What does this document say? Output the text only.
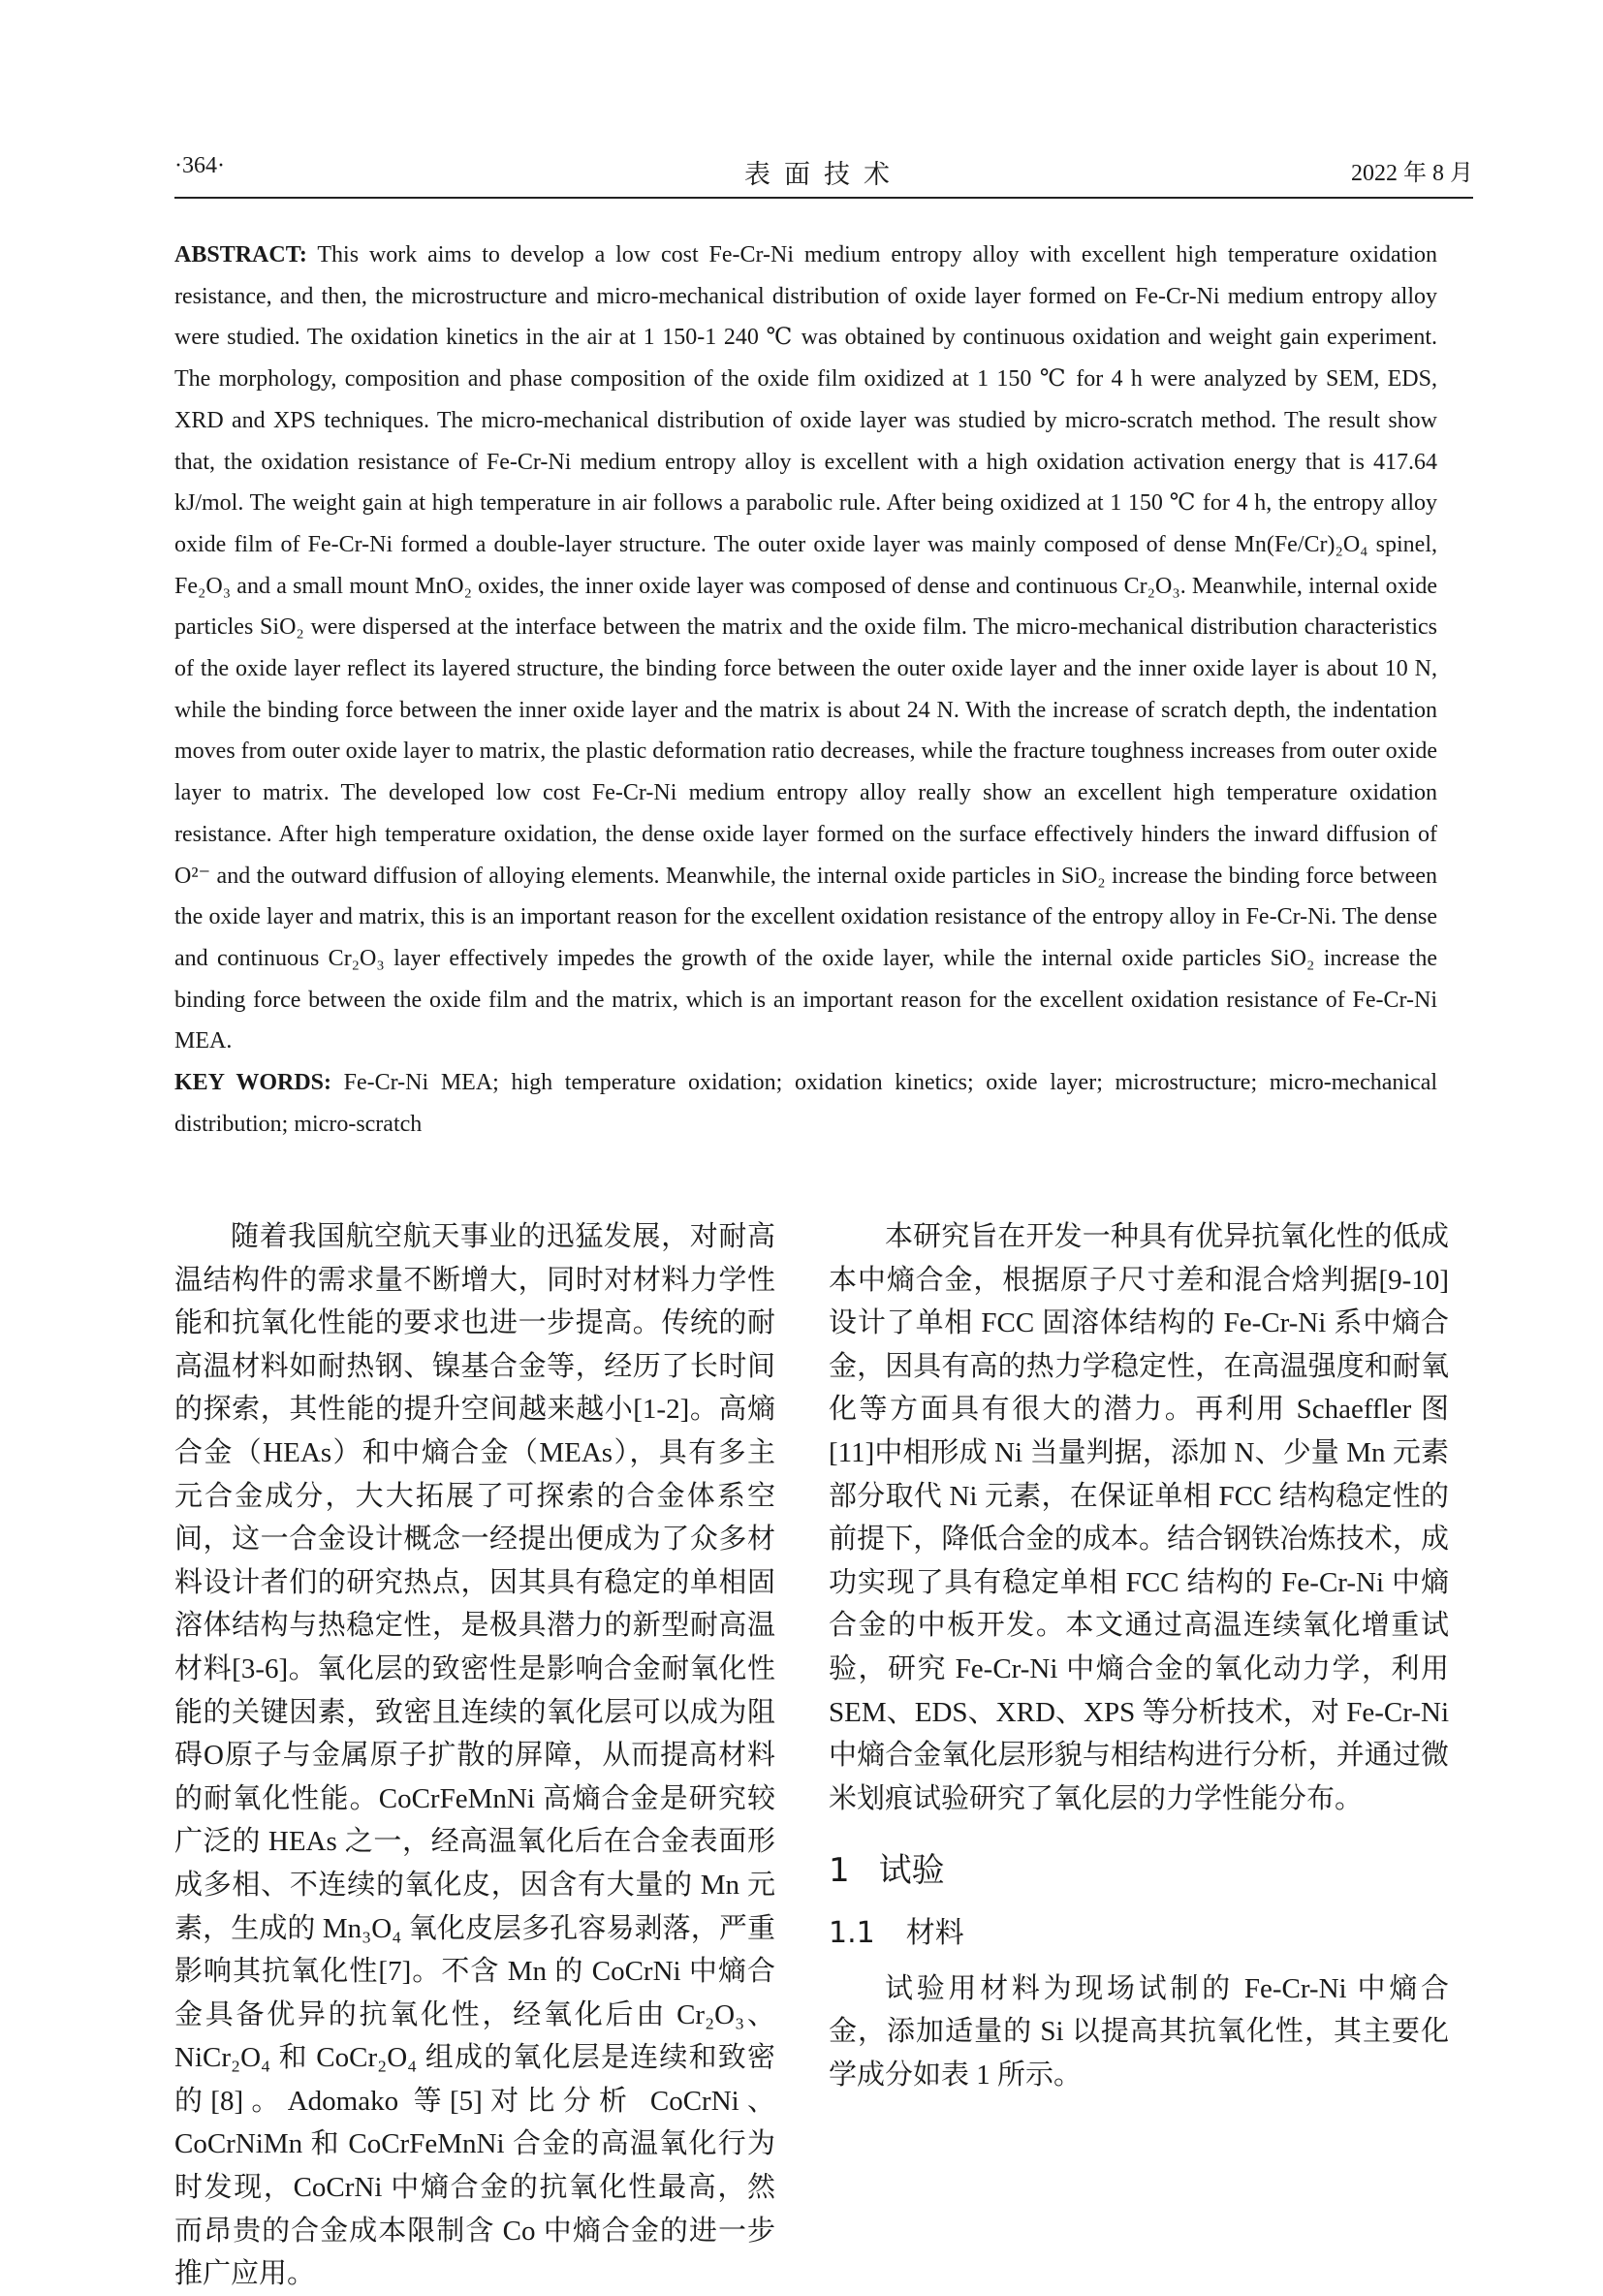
·364·	表面技术	2022 年 8 月

ABSTRACT: This work aims to develop a low cost Fe-Cr-Ni medium entropy alloy with excellent high temperature oxidation resistance, and then, the microstructure and micro-mechanical distribution of oxide layer formed on Fe-Cr-Ni medium entropy alloy were studied. The oxidation kinetics in the air at 1 150-1 240 ℃ was obtained by continuous oxidation and weight gain experiment. The morphology, composition and phase composition of the oxide film oxidized at 1 150 ℃ for 4 h were analyzed by SEM, EDS, XRD and XPS techniques. The micro-mechanical distribution of oxide layer was studied by micro-scratch method. The result show that, the oxidation resistance of Fe-Cr-Ni medium entropy alloy is excellent with a high oxidation activation energy that is 417.64 kJ/mol. The weight gain at high temperature in air follows a parabolic rule. After being oxidized at 1 150 ℃ for 4 h, the entropy alloy oxide film of Fe-Cr-Ni formed a double-layer structure. The outer oxide layer was mainly composed of dense Mn(Fe/Cr)₂O₄ spinel, Fe₂O₃ and a small mount MnO₂ oxides, the inner oxide layer was composed of dense and continuous Cr₂O₃. Meanwhile, internal oxide particles SiO₂ were dispersed at the interface between the matrix and the oxide film. The micro-mechanical distribution characteristics of the oxide layer reflect its layered structure, the binding force between the outer oxide layer and the inner oxide layer is about 10 N, while the binding force between the inner oxide layer and the matrix is about 24 N. With the increase of scratch depth, the indentation moves from outer oxide layer to matrix, the plastic deformation ratio decreases, while the fracture toughness increases from outer oxide layer to matrix. The developed low cost Fe-Cr-Ni medium entropy alloy really show an excellent high temperature oxidation resistance. After high temperature oxidation, the dense oxide layer formed on the surface effectively hinders the inward diffusion of O²⁻ and the outward diffusion of alloying elements. Meanwhile, the internal oxide particles in SiO₂ increase the binding force between the oxide layer and matrix, this is an important reason for the excellent oxidation resistance of the entropy alloy in Fe-Cr-Ni. The dense and continuous Cr₂O₃ layer effectively impedes the growth of the oxide layer, while the internal oxide particles SiO₂ increase the binding force between the oxide film and the matrix, which is an important reason for the excellent oxidation resistance of Fe-Cr-Ni MEA.

KEY WORDS: Fe-Cr-Ni MEA; high temperature oxidation; oxidation kinetics; oxide layer; microstructure; micro-mechanical distribution; micro-scratch

随着我国航空航天事业的迅猛发展，对耐高温结构件的需求量不断增大，同时对材料力学性能和抗氧化性能的要求也进一步提高。传统的耐高温材料如耐热钢、镍基合金等，经历了长时间的探索，其性能的提升空间越来越小[1-2]。高熵合金（HEAs）和中熵合金（MEAs），具有多主元合金成分，大大拓展了可探索的合金体系空间，这一合金设计概念一经提出便成为了众多材料设计者们的研究热点，因其具有稳定的单相固溶体结构与热稳定性，是极具潜力的新型耐高温材料[3-6]。氧化层的致密性是影响合金耐氧化性能的关键因素，致密且连续的氧化层可以成为阻碍O原子与金属原子扩散的屏障，从而提高材料的耐氧化性能。CoCrFeMnNi 高熵合金是研究较广泛的 HEAs 之一，经高温氧化后在合金表面形成多相、不连续的氧化皮，因含有大量的 Mn 元素，生成的 Mn₃O₄ 氧化皮层多孔容易剥落，严重影响其抗氧化性[7]。不含 Mn 的 CoCrNi 中熵合金具备优异的抗氧化性，经氧化后由 Cr₂O₃、NiCr₂O₄ 和 CoCr₂O₄ 组成的氧化层是连续和致密的[8]。Adomako 等[5]对比分析 CoCrNi、CoCrNiMn 和 CoCrFeMnNi 合金的高温氧化行为时发现，CoCrNi 中熵合金的抗氧化性最高，然而昂贵的合金成本限制含 Co 中熵合金的进一步推广应用。

本研究旨在开发一种具有优异抗氧化性的低成本中熵合金，根据原子尺寸差和混合焓判据[9-10]设计了单相 FCC 固溶体结构的 Fe-Cr-Ni 系中熵合金，因具有高的热力学稳定性，在高温强度和耐氧化等方面具有很大的潜力。再利用 Schaeffler 图[11]中相形成 Ni 当量判据，添加 N、少量 Mn 元素部分取代 Ni 元素，在保证单相 FCC 结构稳定性的前提下，降低合金的成本。结合钢铁冶炼技术，成功实现了具有稳定单相 FCC 结构的 Fe-Cr-Ni 中熵合金的中板开发。本文通过高温连续氧化增重试验，研究 Fe-Cr-Ni 中熵合金的氧化动力学，利用 SEM、EDS、XRD、XPS 等分析技术，对 Fe-Cr-Ni 中熵合金氧化层形貌与相结构进行分析，并通过微米划痕试验研究了氧化层的力学性能分布。

1 试验
1.1 材料

试验用材料为现场试制的 Fe-Cr-Ni 中熵合金，添加适量的 Si 以提高其抗氧化性，其主要化学成分如表 1 所示。
